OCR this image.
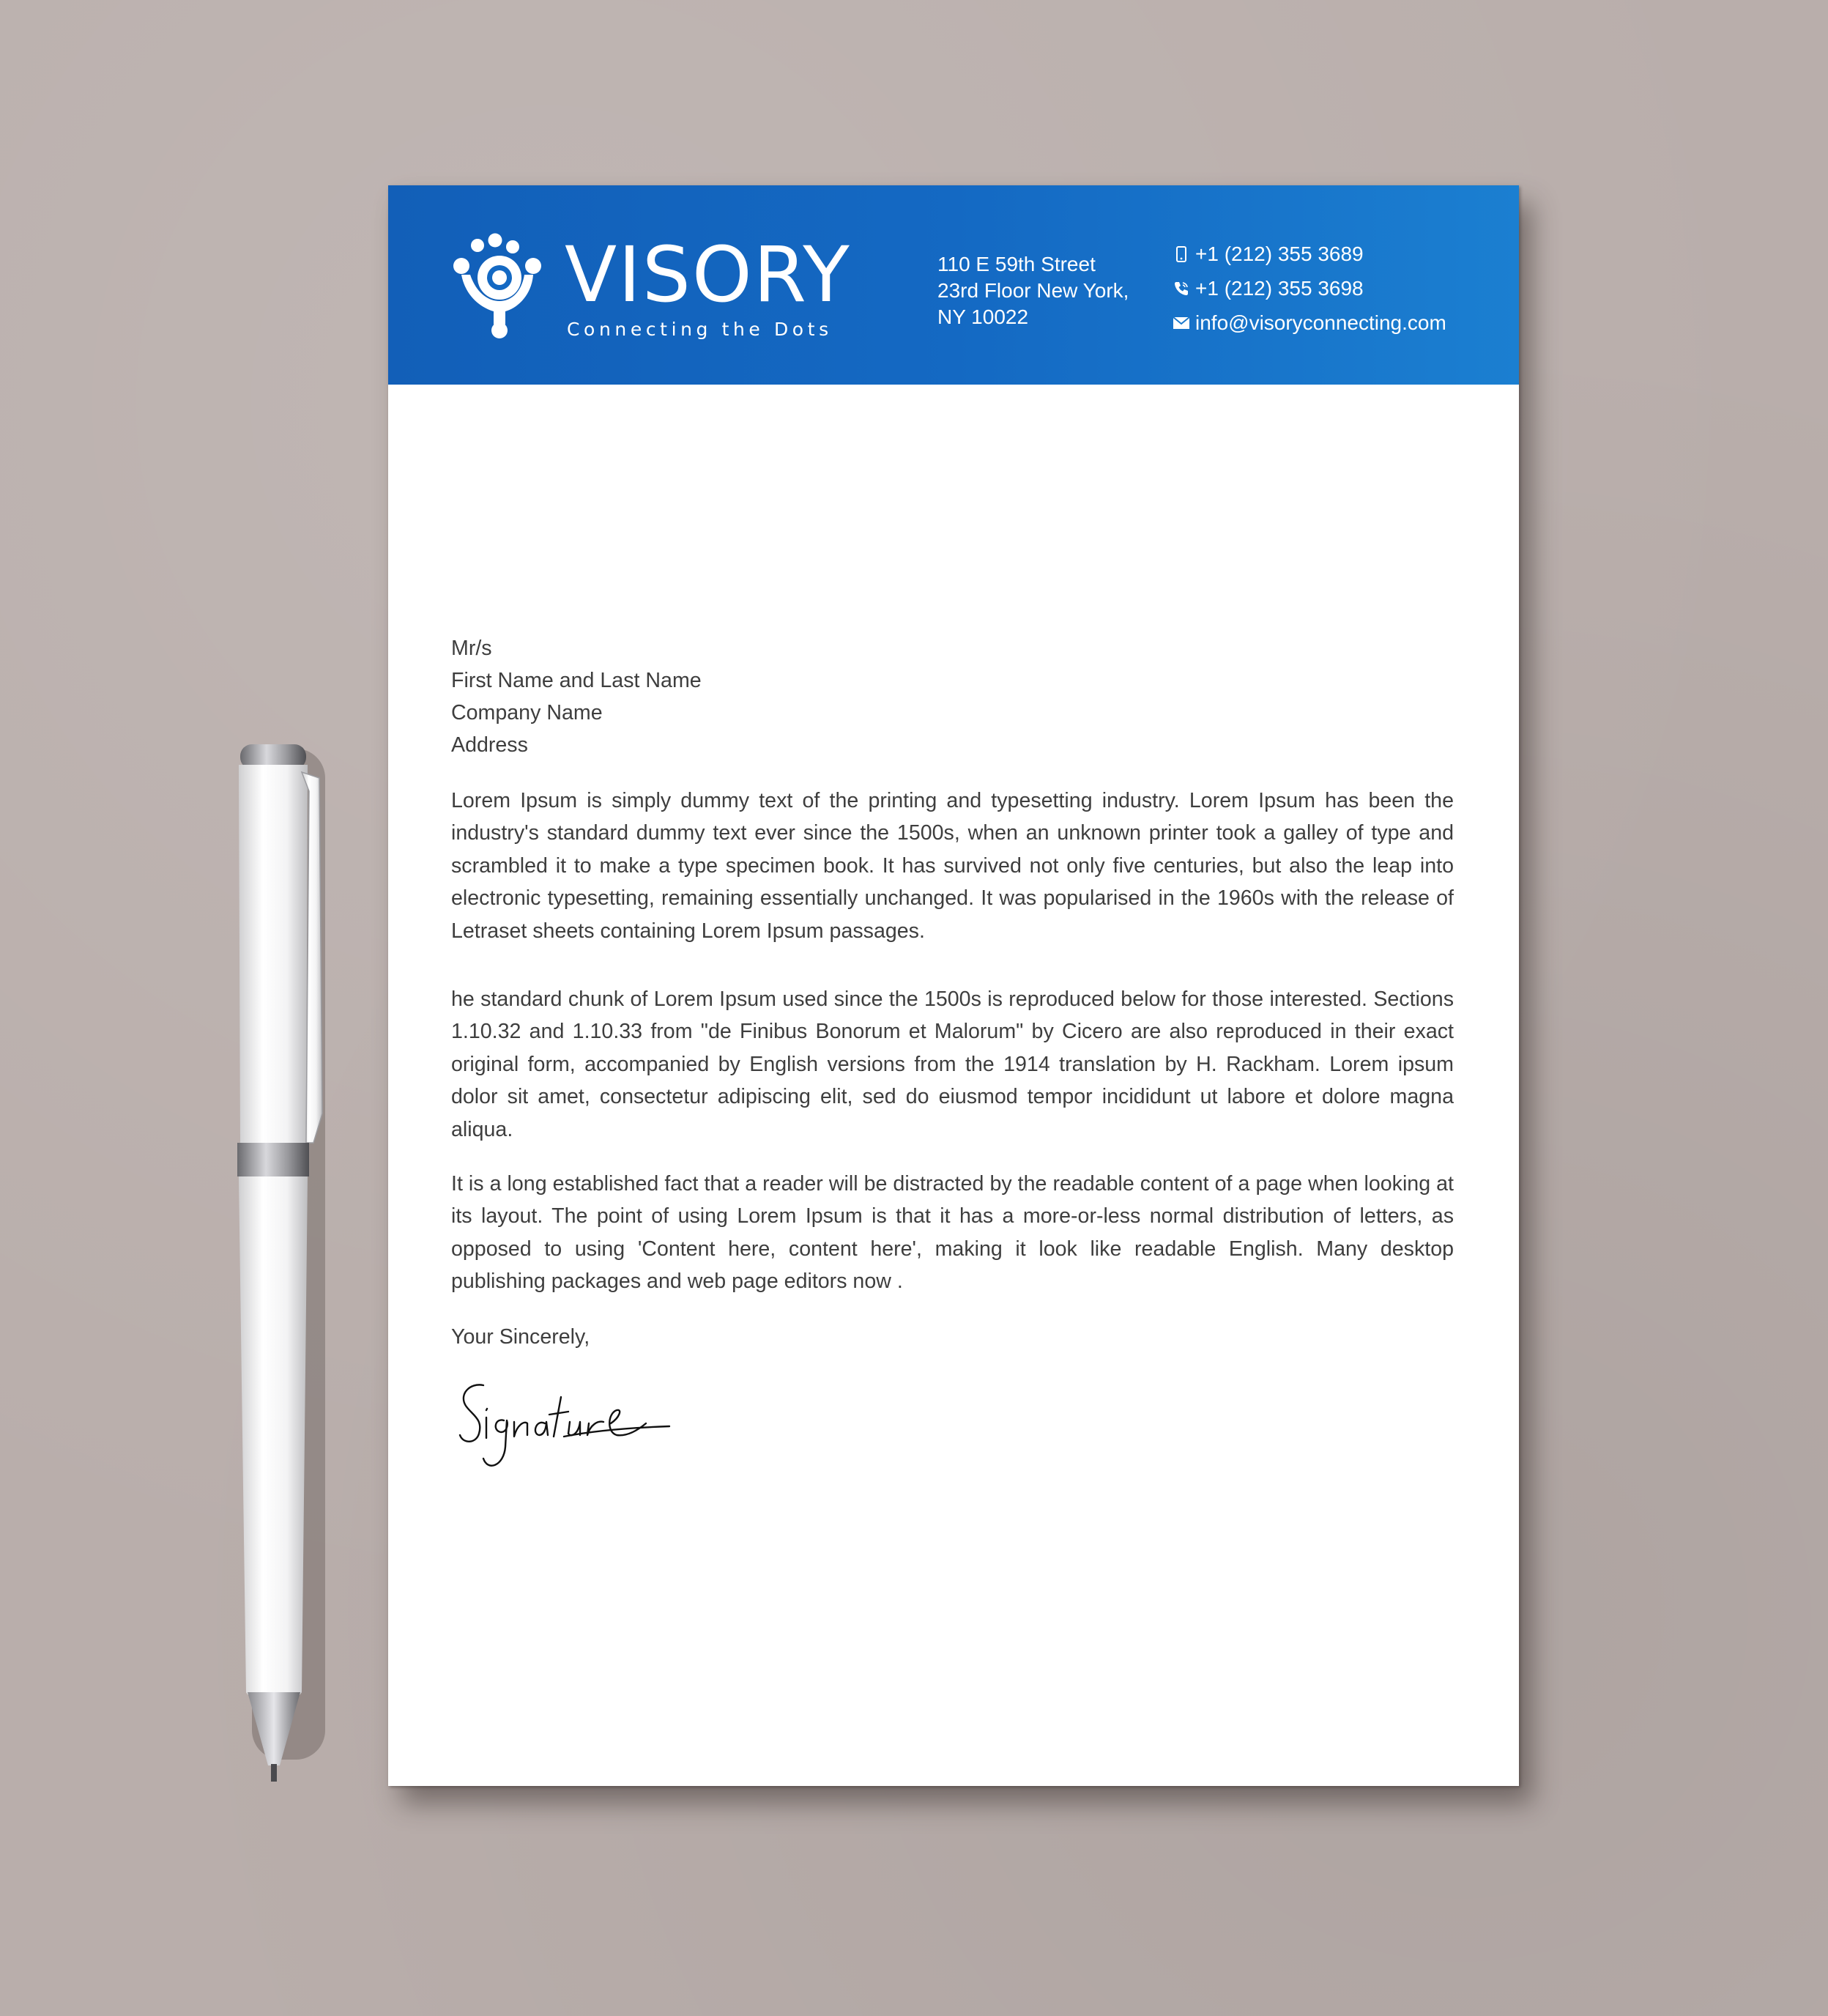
VISORY
Connecting the Dots
110 E 59th Street
23rd Floor New York,
NY 10022
+1 (212) 355 3689
+1 (212) 355 3698
info@visoryconnecting.com
Mr/s
First Name and Last Name
Company Name
Address

Lorem Ipsum is simply dummy text of the printing and typesetting industry. Lorem Ipsum has been the industry's standard dummy text ever since the 1500s, when an unknown printer took a galley of type and scrambled it to make a type specimen book. It has survived not only five centuries, but also the leap into electronic typesetting, remaining essentially unchanged. It was popularised in the 1960s with the release of Letraset sheets containing Lorem Ipsum passages.

he standard chunk of Lorem Ipsum used since the 1500s is reproduced below for those interested. Sections 1.10.32 and 1.10.33 from "de Finibus Bonorum et Malorum" by Cicero are also reproduced in their exact original form, accompanied by English versions from the 1914 translation by H. Rackham. Lorem ipsum dolor sit amet, consectetur adipiscing elit, sed do eiusmod tempor incididunt ut labore et dolore magna aliqua.

It is a long established fact that a reader will be distracted by the readable content of a page when looking at its layout. The point of using Lorem Ipsum is that it has a more-or-less normal distribution of letters, as opposed to using 'Content here, content here', making it look like readable English. Many desktop publishing packages and web page editors now .

Your Sincerely,
